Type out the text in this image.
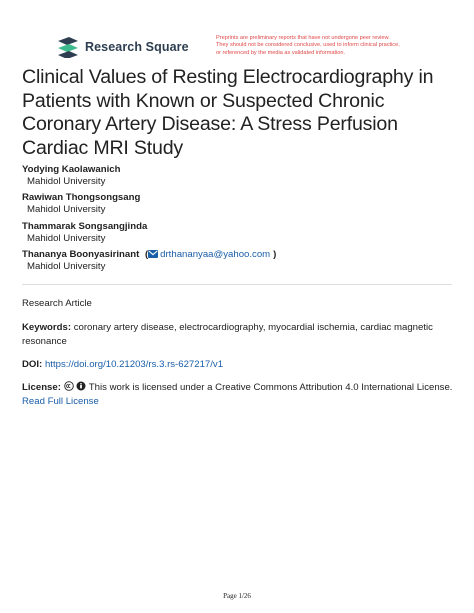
Research Square
Preprints are preliminary reports that have not undergone peer review.
They should not be considered conclusive, used to inform clinical practice,
or referenced by the media as validated information.
Clinical Values of Resting Electrocardiography in
Patients with Known or Suspected Chronic
Coronary Artery Disease: A Stress Perfusion
Cardiac MRI Study
Yodying Kaolawanich
Mahidol University
Rawiwan Thongsongsang
Mahidol University
Thammarak Songsangjinda
Mahidol University
Thananya Boonyasirinant ( drthananyaa@yahoo.com )
Mahidol University
Research Article
Keywords: coronary artery disease, electrocardiography, myocardial ischemia, cardiac magnetic
resonance
DOI: https://doi.org/10.21203/rs.3.rs-627217/v1
License:	This work is licensed under a Creative Commons Attribution 4.0 International License.
Read Full License
Page 1/26
